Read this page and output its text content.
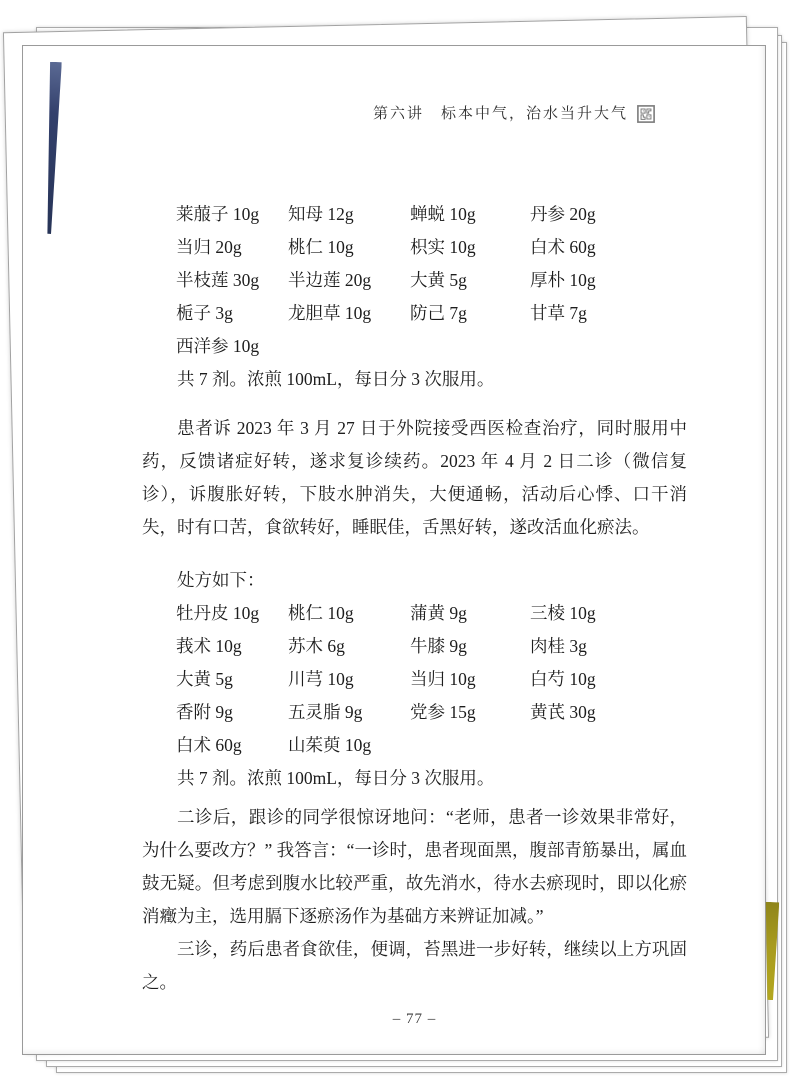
第六讲　标本中气，治水当升大气
莱菔子 10g	知母 12g	蝉蜕 10g	丹参 20g
当归 20g	桃仁 10g	枳实 10g	白术 60g
半枝莲 30g	半边莲 20g	大黄 5g	厚朴 10g
栀子 3g	龙胆草 10g	防己 7g	甘草 7g
西洋参 10g
共 7 剂。浓煎 100mL，每日分 3 次服用。

患者诉 2023 年 3 月 27 日于外院接受西医检查治疗，同时服用中药，反馈诸症好转，遂求复诊续药。2023 年 4 月 2 日二诊（微信复诊），诉腹胀好转，下肢水肿消失，大便通畅，活动后心悸、口干消失，时有口苦，食欲转好，睡眠佳，舌黑好转，遂改活血化瘀法。

处方如下：
牡丹皮 10g	桃仁 10g	蒲黄 9g	三棱 10g
莪术 10g	苏木 6g	牛膝 9g	肉桂 3g
大黄 5g	川芎 10g	当归 10g	白芍 10g
香附 9g	五灵脂 9g	党参 15g	黄芪 30g
白术 60g	山茱萸 10g
共 7 剂。浓煎 100mL，每日分 3 次服用。

二诊后，跟诊的同学很惊讶地问：“老师，患者一诊效果非常好，为什么要改方？” 我答言：“一诊时，患者现面黑，腹部青筋暴出，属血鼓无疑。但考虑到腹水比较严重，故先消水，待水去瘀现时，即以化瘀消癥为主，选用膈下逐瘀汤作为基础方来辨证加减。”

三诊，药后患者食欲佳，便调，苔黑进一步好转，继续以上方巩固之。

– 77 –
